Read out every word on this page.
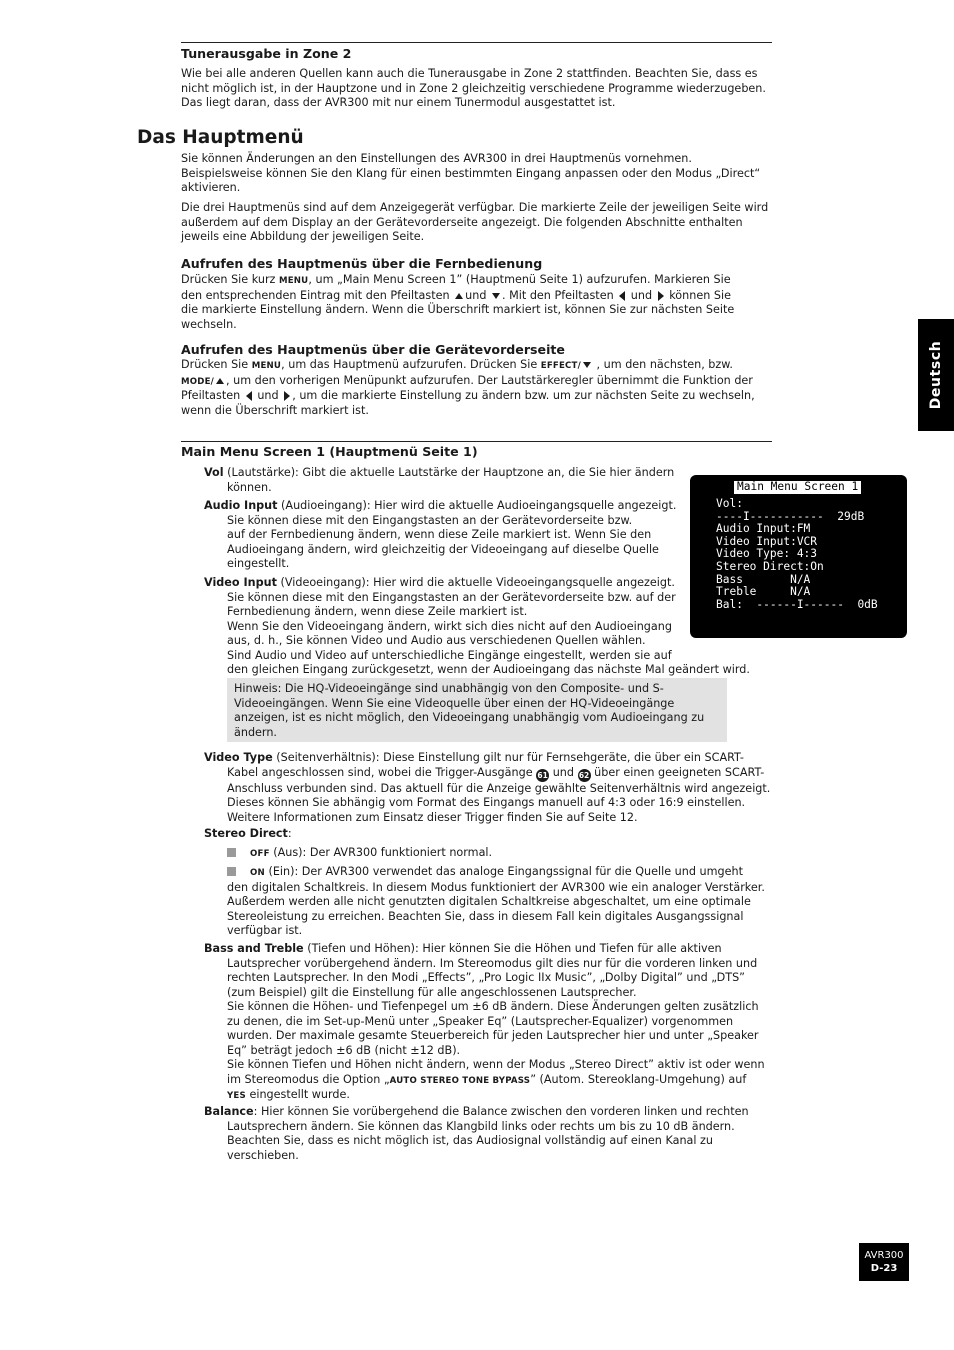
Tunerausgabe in Zone 2

Wie bei alle anderen Quellen kann auch die Tunerausgabe in Zone 2 stattfinden. Beachten Sie, dass es

nicht möglich ist, in der Hauptzone und in Zone 2 gleichzeitig verschiedene Programme wiederzugeben.

Das liegt daran, dass der AVR300 mit nur einem Tunermodul ausgestattet ist.

Das Hauptmenü

Sie können Änderungen an den Einstellungen des AVR300 in drei Hauptmenüs vornehmen.

Beispielsweise können Sie den Klang für einen bestimmten Eingang anpassen oder den Modus „Direct“

aktivieren.

Die drei Hauptmenüs sind auf dem Anzeigegerät verfügbar. Die markierte Zeile der jeweiligen Seite wird

außerdem auf dem Display an der Gerätevorderseite angezeigt. Die folgenden Abschnitte enthalten

jeweils eine Abbildung der jeweiligen Seite.

Aufrufen des Hauptmenüs über die Fernbedienung

Drücken Sie kurz MENU, um „Main Menu Screen 1” (Hauptmenü Seite 1) aufzurufen. Markieren Sie

den entsprechenden Eintrag mit den Pfeiltasten und . Mit den Pfeiltasten und können Sie

die markierte Einstellung ändern. Wenn die Überschrift markiert ist, können Sie zur nächsten Seite

wechseln.

Aufrufen des Hauptmenüs über die Gerätevorderseite

Drücken Sie MENU, um das Hauptmenü aufzurufen. Drücken Sie EFFECT/ , um den nächsten, bzw.

MODE/ , um den vorherigen Menüpunkt aufzurufen. Der Lautstärkeregler übernimmt die Funktion der

Pfeiltasten und , um die markierte Einstellung zu ändern bzw. um zur nächsten Seite zu wechseln,

wenn die Überschrift markiert ist.

Main Menu Screen 1 (Hauptmenü Seite 1)
Main Menu Screen 1
Vol:
----I-----------  29dB
Audio Input:FM
Video Input:VCR
Video Type: 4:3
Stereo Direct:On
Bass       N/A
Treble     N/A
Bal:  ------I------  0dB
Vol (Lautstärke): Gibt die aktuelle Lautstärke der Hauptzone an, die Sie hier ändern
können.
Audio Input (Audioeingang): Hier wird die aktuelle Audioeingangsquelle angezeigt.
Sie können diese mit den Eingangstasten an der Gerätevorderseite bzw.
auf der Fernbedienung ändern, wenn diese Zeile markiert ist. Wenn Sie den
Audioeingang ändern, wird gleichzeitig der Videoeingang auf dieselbe Quelle
eingestellt.
Video Input (Videoeingang): Hier wird die aktuelle Videoeingangsquelle angezeigt.
Sie können diese mit den Eingangstasten an der Gerätevorderseite bzw. auf der
Fernbedienung ändern, wenn diese Zeile markiert ist.
Wenn Sie den Videoeingang ändern, wirkt sich dies nicht auf den Audioeingang
aus, d. h., Sie können Video und Audio aus verschiedenen Quellen wählen.
Sind Audio und Video auf unterschiedliche Eingänge eingestellt, werden sie auf
den gleichen Eingang zurückgesetzt, wenn der Audioeingang das nächste Mal geändert wird.
Hinweis: Die HQ-Videoeingänge sind unabhängig von den Composite- und S-
Videoeingängen. Wenn Sie eine Videoquelle über einen der HQ-Videoeingänge
anzeigen, ist es nicht möglich, den Videoeingang unabhängig vom Audioeingang zu
ändern.
Video Type (Seitenverhältnis): Diese Einstellung gilt nur für Fernsehgeräte, die über ein SCART-
Kabel angeschlossen sind, wobei die Trigger-Ausgänge 61 und 62 über einen geeigneten SCART-
Anschluss verbunden sind. Das aktuell für die Anzeige gewählte Seitenverhältnis wird angezeigt.
Dieses können Sie abhängig vom Format des Eingangs manuell auf 4:3 oder 16:9 einstellen.
Weitere Informationen zum Einsatz dieser Trigger finden Sie auf Seite 12.
Stereo Direct:
OFF (Aus): Der AVR300 funktioniert normal.
ON (Ein): Der AVR300 verwendet das analoge Eingangssignal für die Quelle und umgeht
den digitalen Schaltkreis. In diesem Modus funktioniert der AVR300 wie ein analoger Verstärker.
Außerdem werden alle nicht genutzten digitalen Schaltkreise abgeschaltet, um eine optimale
Stereoleistung zu erreichen. Beachten Sie, dass in diesem Fall kein digitales Ausgangssignal
verfügbar ist.
Bass and Treble (Tiefen und Höhen): Hier können Sie die Höhen und Tiefen für alle aktiven
Lautsprecher vorübergehend ändern. Im Stereomodus gilt dies nur für die vorderen linken und
rechten Lautsprecher. In den Modi „Effects”, „Pro Logic IIx Music”, „Dolby Digital” und „DTS”
(zum Beispiel) gilt die Einstellung für alle angeschlossenen Lautsprecher.
Sie können die Höhen- und Tiefenpegel um ±6 dB ändern. Diese Änderungen gelten zusätzlich
zu denen, die im Set-up-Menü unter „Speaker Eq” (Lautsprecher-Equalizer) vorgenommen
wurden. Der maximale gesamte Steuerbereich für jeden Lautsprecher hier und unter „Speaker
Eq” beträgt jedoch ±6 dB (nicht ±12 dB).
Sie können Tiefen und Höhen nicht ändern, wenn der Modus „Stereo Direct” aktiv ist oder wenn
im Stereomodus die Option „AUTO STEREO TONE BYPASS” (Autom. Stereoklang-Umgehung) auf
YES eingestellt wurde.
Balance: Hier können Sie vorübergehend die Balance zwischen den vorderen linken und rechten
Lautsprechern ändern. Sie können das Klangbild links oder rechts um bis zu 10 dB ändern.
Beachten Sie, dass es nicht möglich ist, das Audiosignal vollständig auf einen Kanal zu
verschieben.
Deutsch
AVR300
D-23
